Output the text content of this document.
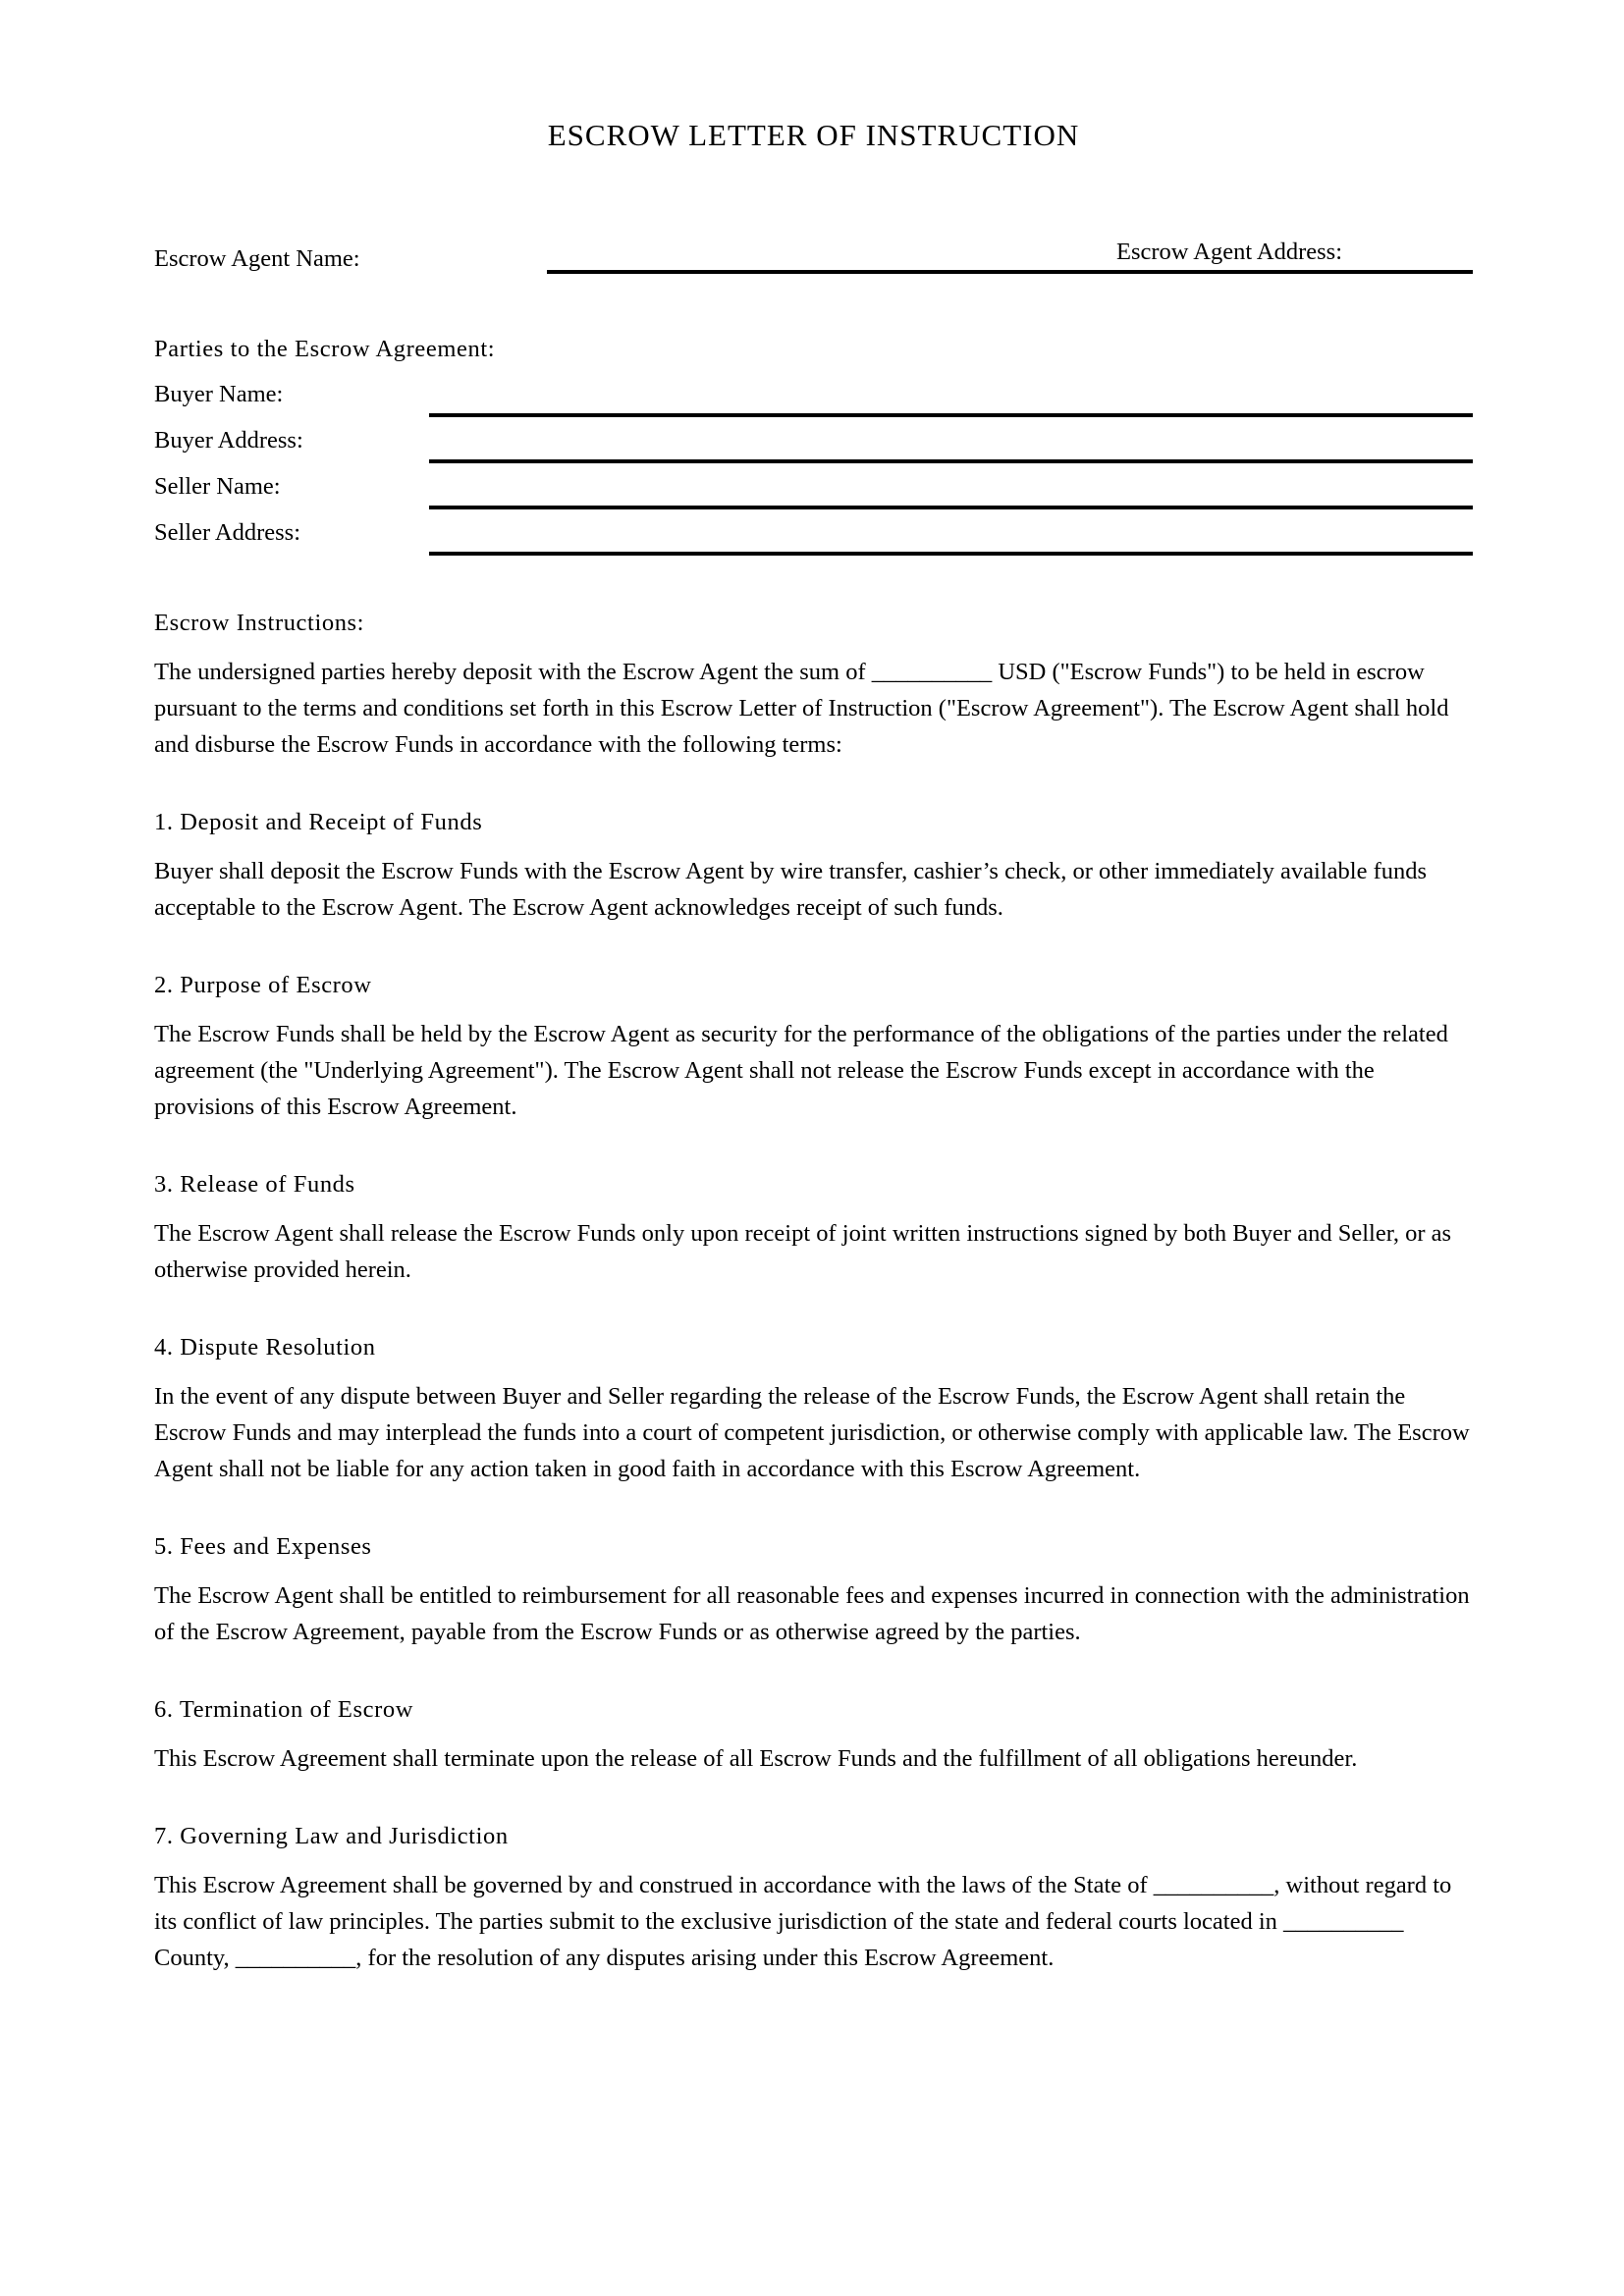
ESCROW LETTER OF INSTRUCTION
Escrow Agent Name:	Escrow Agent Address:
Parties to the Escrow Agreement:
Buyer Name:
Buyer Address:
Seller Name:
Seller Address:
Escrow Instructions:

The undersigned parties hereby deposit with the Escrow Agent the sum of __________ USD ("Escrow Funds") to be held in escrow pursuant to the terms and conditions set forth in this Escrow Letter of Instruction ("Escrow Agreement"). The Escrow Agent shall hold and disburse the Escrow Funds in accordance with the following terms:

1. Deposit and Receipt of Funds

Buyer shall deposit the Escrow Funds with the Escrow Agent by wire transfer, cashier’s check, or other immediately available funds acceptable to the Escrow Agent. The Escrow Agent acknowledges receipt of such funds.

2. Purpose of Escrow

The Escrow Funds shall be held by the Escrow Agent as security for the performance of the obligations of the parties under the related agreement (the "Underlying Agreement"). The Escrow Agent shall not release the Escrow Funds except in accordance with the provisions of this Escrow Agreement.

3. Release of Funds

The Escrow Agent shall release the Escrow Funds only upon receipt of joint written instructions signed by both Buyer and Seller, or as otherwise provided herein.

4. Dispute Resolution

In the event of any dispute between Buyer and Seller regarding the release of the Escrow Funds, the Escrow Agent shall retain the Escrow Funds and may interplead the funds into a court of competent jurisdiction, or otherwise comply with applicable law. The Escrow Agent shall not be liable for any action taken in good faith in accordance with this Escrow Agreement.

5. Fees and Expenses

The Escrow Agent shall be entitled to reimbursement for all reasonable fees and expenses incurred in connection with the administration of the Escrow Agreement, payable from the Escrow Funds or as otherwise agreed by the parties.

6. Termination of Escrow

This Escrow Agreement shall terminate upon the release of all Escrow Funds and the fulfillment of all obligations hereunder.

7. Governing Law and Jurisdiction

This Escrow Agreement shall be governed by and construed in accordance with the laws of the State of __________, without regard to its conflict of law principles. The parties submit to the exclusive jurisdiction of the state and federal courts located in __________ County, __________, for the resolution of any disputes arising under this Escrow Agreement.
